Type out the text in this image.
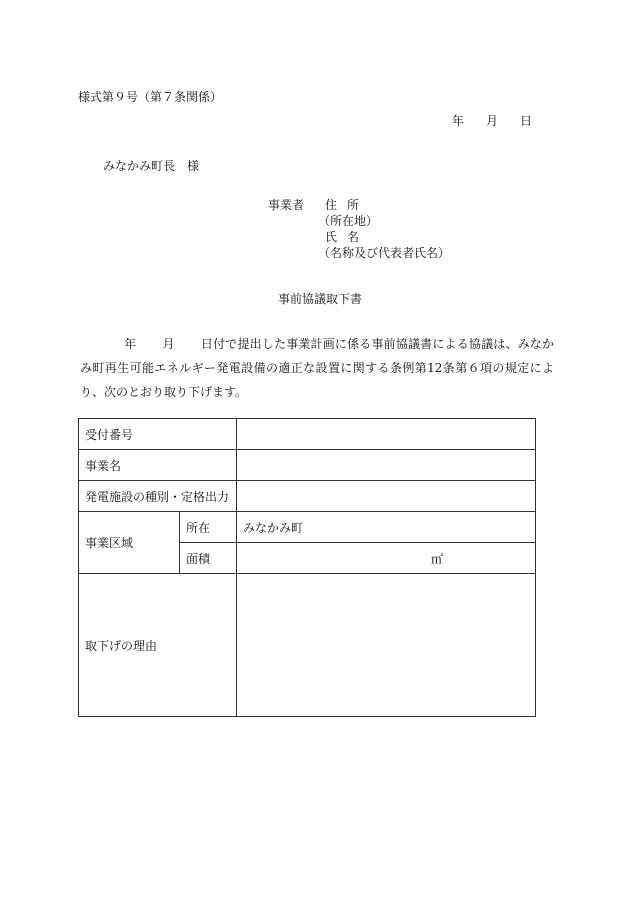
様式第９号（第７条関係）
年 月 日
みなかみ町長 様
事業者 住所
（所在地）
氏名
（名称及び代表者氏名）
事前協議取下書
年 月 日付で提出した事業計画に係る事前協議書による協議は、みなかみ町再生可能エネルギー発電設備の適正な設置に関する条例第12条第６項の規定により、次のとおり取り下げます。
受付番号		
事業名		
発電施設の種別・定格出力		
事業区域	所在	みなかみ町
	面積	㎡

取下げの理由		
